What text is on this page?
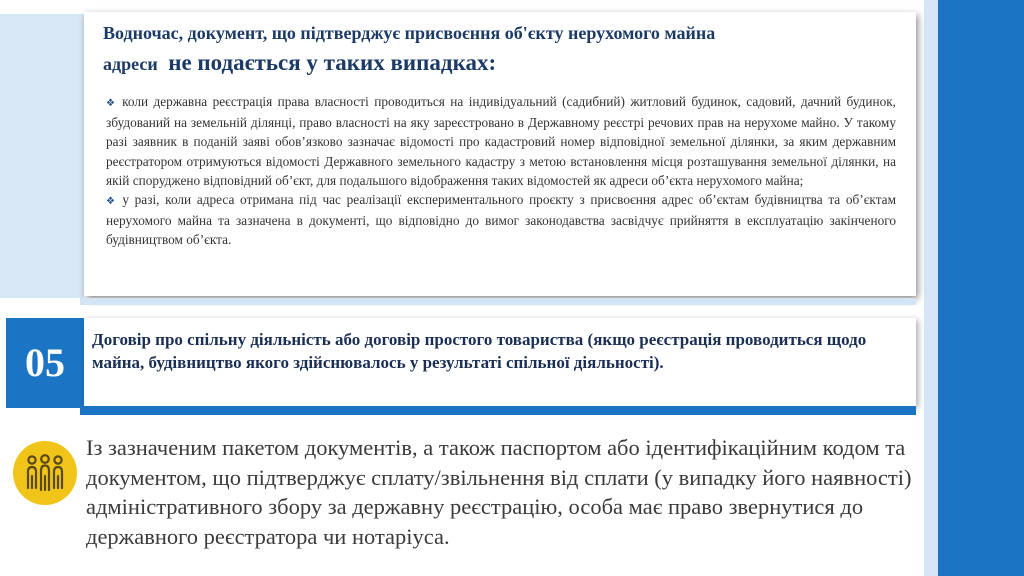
Водночас, документ, що підтверджує присвоєння об'єкту нерухомого майна
адреси не подається у таких випадках:

❖ коли державна реєстрація права власності проводиться на індивідуальний (садибний) житловий будинок, садовий, дачний будинок, збудований на земельній ділянці, право власності на яку зареєстровано в Державному реєстрі речових прав на нерухоме майно. У такому разі заявник в поданій заяві обов’язково зазначає відомості про кадастровий номер відповідної земельної ділянки, за яким державним реєстратором отримуються відомості Державного земельного кадастру з метою встановлення місця розташування земельної ділянки, на якій споруджено відповідний об’єкт, для подальшого відображення таких відомостей як адреси об’єкта нерухомого майна;

❖ у разі, коли адреса отримана під час реалізації експериментального проєкту з присвоєння адрес об’єктам будівництва та об’єктам нерухомого майна та зазначена в документі, що відповідно до вимог законодавства засвідчує прийняття в експлуатацію закінченого будівництвом об’єкта.

05
Договір про спільну діяльність або договір простого товариства (якщо реєстрація проводиться щодо майна, будівництво якого здійснювалось у результаті спільної діяльності).
Із зазначеним пакетом документів, а також паспортом або ідентифікаційним кодом та документом, що підтверджує сплату/звільнення від сплати (у випадку його наявності) адміністративного збору за державну реєстрацію, особа має право звернутися до державного реєстратора чи нотаріуса.
